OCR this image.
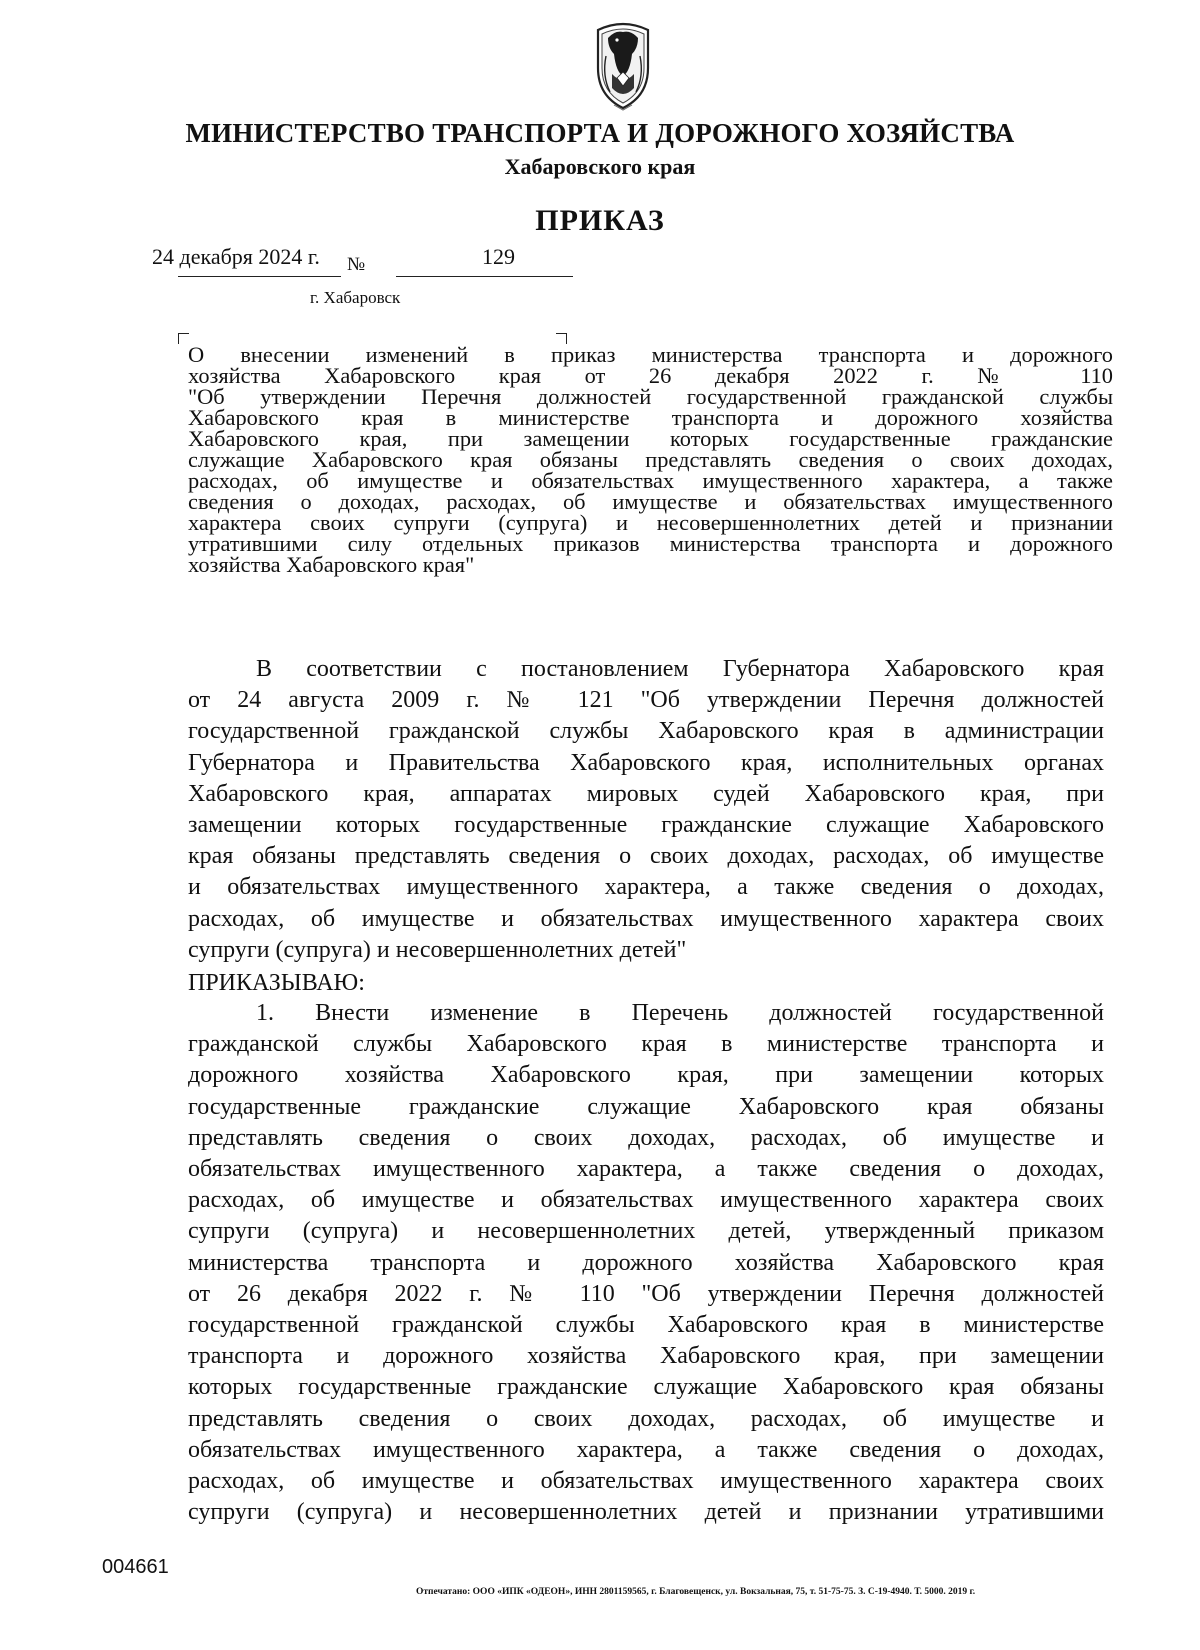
МИНИСТЕРСТВО ТРАНСПОРТА И ДОРОЖНОГО ХОЗЯЙСТВА
Хабаровского края
ПРИКАЗ
24 декабря 2024 г. №	129
г. Хабаровск
О внесении изменений в приказ министерства транспорта и дорожного
хозяйства Хабаровского края от 26 декабря 2022 г. № 110
"Об утверждении Перечня должностей государственной гражданской службы
Хабаровского края в министерстве транспорта и дорожного хозяйства
Хабаровского края, при замещении которых государственные гражданские
служащие Хабаровского края обязаны представлять сведения о своих доходах,
расходах, об имуществе и обязательствах имущественного характера, а также
сведения о доходах, расходах, об имуществе и обязательствах имущественного
характера своих супруги (супруга) и несовершеннолетних детей и признании
утратившими силу отдельных приказов министерства транспорта и дорожного
хозяйства Хабаровского края"
В соответствии с постановлением Губернатора Хабаровского края
от 24 августа 2009 г. № 121 "Об утверждении Перечня должностей
государственной гражданской службы Хабаровского края в администрации
Губернатора и Правительства Хабаровского края, исполнительных органах
Хабаровского края, аппаратах мировых судей Хабаровского края, при
замещении которых государственные гражданские служащие Хабаровского
края обязаны представлять сведения о своих доходах, расходах, об имуществе
и обязательствах имущественного характера, а также сведения о доходах,
расходах, об имуществе и обязательствах имущественного характера своих
супруги (супруга) и несовершеннолетних детей"
ПРИКАЗЫВАЮ:
1. Внести изменение в Перечень должностей государственной
гражданской службы Хабаровского края в министерстве транспорта и
дорожного хозяйства Хабаровского края, при замещении которых
государственные гражданские служащие Хабаровского края обязаны
представлять сведения о своих доходах, расходах, об имуществе и
обязательствах имущественного характера, а также сведения о доходах,
расходах, об имуществе и обязательствах имущественного характера своих
супруги (супруга) и несовершеннолетних детей, утвержденный приказом
министерства транспорта и дорожного хозяйства Хабаровского края
от 26 декабря 2022 г. № 110 "Об утверждении Перечня должностей
государственной гражданской службы Хабаровского края в министерстве
транспорта и дорожного хозяйства Хабаровского края, при замещении
которых государственные гражданские служащие Хабаровского края обязаны
представлять сведения о своих доходах, расходах, об имуществе и
обязательствах имущественного характера, а также сведения о доходах,
расходах, об имуществе и обязательствах имущественного характера своих
супруги (супруга) и несовершеннолетних детей и признании утратившими
004661
Отпечатано: ООО «ИПК «ОДЕОН», ИНН 2801159565, г. Благовещенск, ул. Вокзальная, 75, т. 51-75-75. З. С-19-4940. Т. 5000. 2019 г.
